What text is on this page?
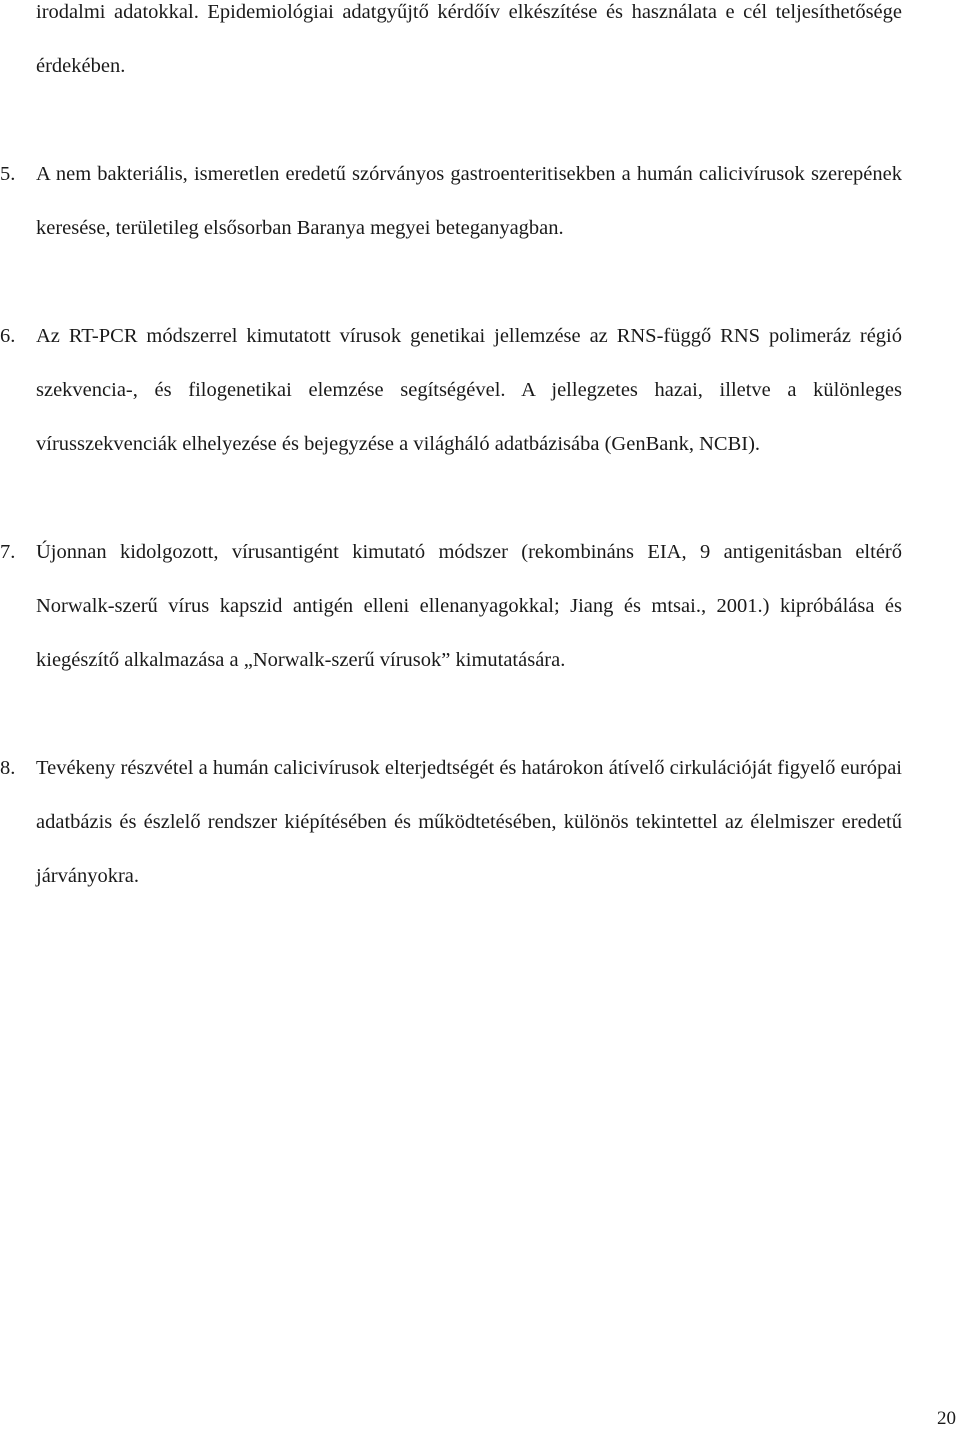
irodalmi adatokkal. Epidemiológiai adatgyűjtő kérdőív elkészítése és használata e cél teljesíthetősége érdekében.

5. A nem bakteriális, ismeretlen eredetű szórványos gastroenteritisekben a humán calicivírusok szerepének keresése, területileg elsősorban Baranya megyei beteganyagban.

6. Az RT-PCR módszerrel kimutatott vírusok genetikai jellemzése az RNS-függő RNS polimeráz régió szekvencia-, és filogenetikai elemzése segítségével. A jellegzetes hazai, illetve a különleges vírusszekvenciák elhelyezése és bejegyzése a világháló adatbázisába (GenBank, NCBI).

7. Újonnan kidolgozott, vírusantigént kimutató módszer (rekombináns EIA, 9 antigenitásban eltérő Norwalk-szerű vírus kapszid antigén elleni ellenanyagokkal; Jiang és mtsai., 2001.) kipróbálása és kiegészítő alkalmazása a „Norwalk-szerű vírusok” kimutatására.

8. Tevékeny részvétel a humán calicivírusok elterjedtségét és határokon átívelő cirkulációját figyelő európai adatbázis és észlelő rendszer kiépítésében és működtetésében, különös tekintettel az élelmiszer eredetű járványokra.

20
